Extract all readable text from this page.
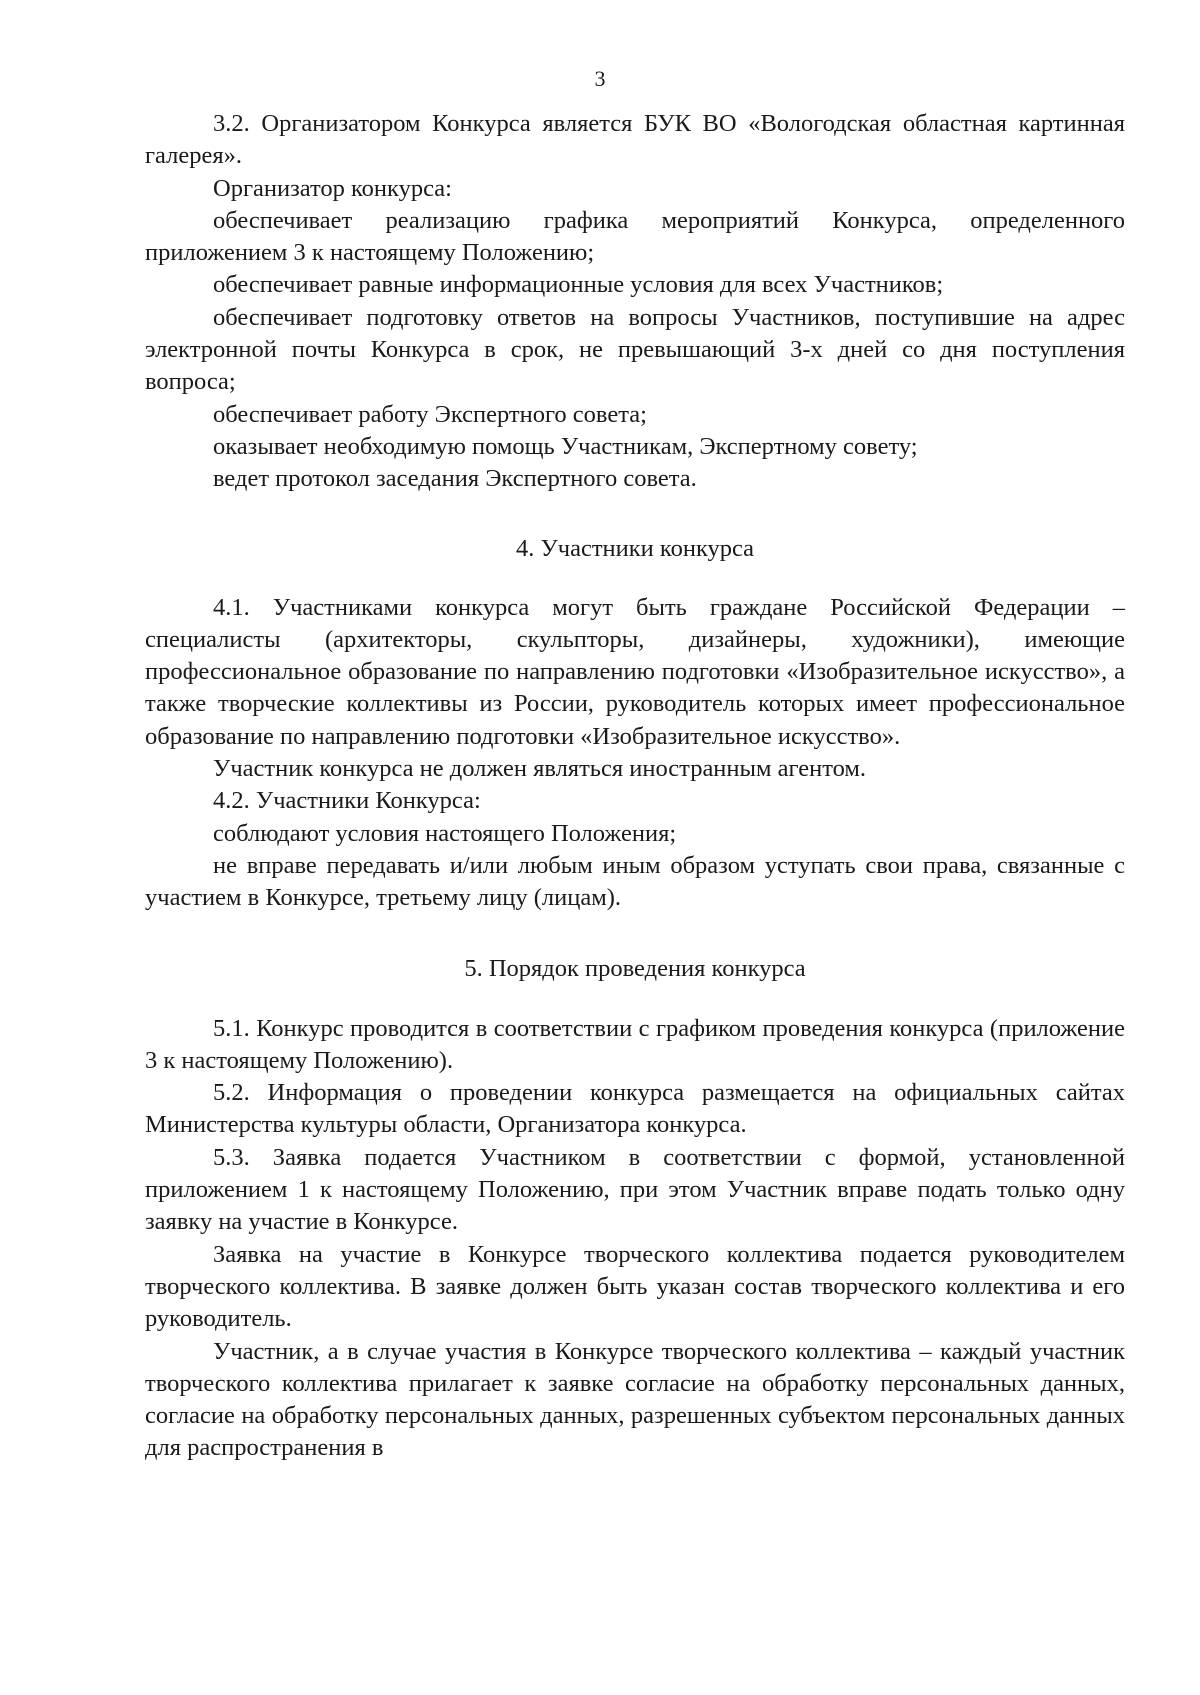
3

3.2. Организатором Конкурса является БУК ВО «Вологодская областная картинная галерея».

Организатор конкурса:

обеспечивает реализацию графика мероприятий Конкурса, определенного приложением 3 к настоящему Положению;

обеспечивает равные информационные условия для всех Участников;

обеспечивает подготовку ответов на вопросы Участников, поступившие на адрес электронной почты Конкурса в срок, не превышающий 3-х дней со дня поступления вопроса;

обеспечивает работу Экспертного совета;

оказывает необходимую помощь Участникам, Экспертному совету;

ведет протокол заседания Экспертного совета.

4. Участники конкурса

4.1. Участниками конкурса могут быть граждане Российской Федерации – специалисты (архитекторы, скульпторы, дизайнеры, художники), имеющие профессиональное образование по направлению подготовки «Изобразительное искусство», а также творческие коллективы из России, руководитель которых имеет профессиональное образование по направлению подготовки «Изобразительное искусство».

Участник конкурса не должен являться иностранным агентом.

4.2. Участники Конкурса:

соблюдают условия настоящего Положения;

не вправе передавать и/или любым иным образом уступать свои права, связанные с участием в Конкурсе, третьему лицу (лицам).

5. Порядок проведения конкурса

5.1. Конкурс проводится в соответствии с графиком проведения конкурса (приложение 3 к настоящему Положению).

5.2. Информация о проведении конкурса размещается на официальных сайтах Министерства культуры области, Организатора конкурса.

5.3. Заявка подается Участником в соответствии с формой, установленной приложением 1 к настоящему Положению, при этом Участник вправе подать только одну заявку на участие в Конкурсе.

Заявка на участие в Конкурсе творческого коллектива подается руководителем творческого коллектива. В заявке должен быть указан состав творческого коллектива и его руководитель.

Участник, а в случае участия в Конкурсе творческого коллектива – каждый участник творческого коллектива прилагает к заявке согласие на обработку персональных данных, согласие на обработку персональных данных, разрешенных субъектом персональных данных для распространения в
